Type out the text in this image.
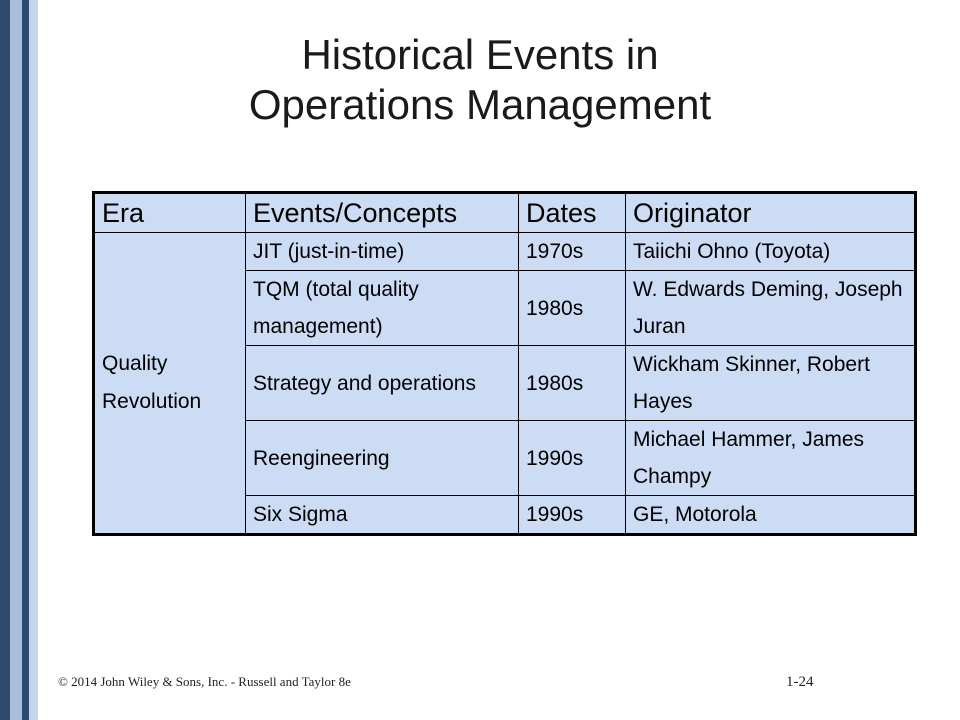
Historical Events in
Operations Management
Era	Events/Concepts	Dates	Originator

Quality
Revolution	JIT (just-in-time)	1970s	Taiichi Ohno (Toyota)
	TQM (total quality management)	1980s	W. Edwards Deming, Joseph Juran
	Strategy and operations	1980s	Wickham Skinner, Robert Hayes
	Reengineering	1990s	Michael Hammer, James Champy
	Six Sigma	1990s	GE, Motorola
© 2014 John Wiley & Sons, Inc. - Russell and Taylor 8e	1-24
